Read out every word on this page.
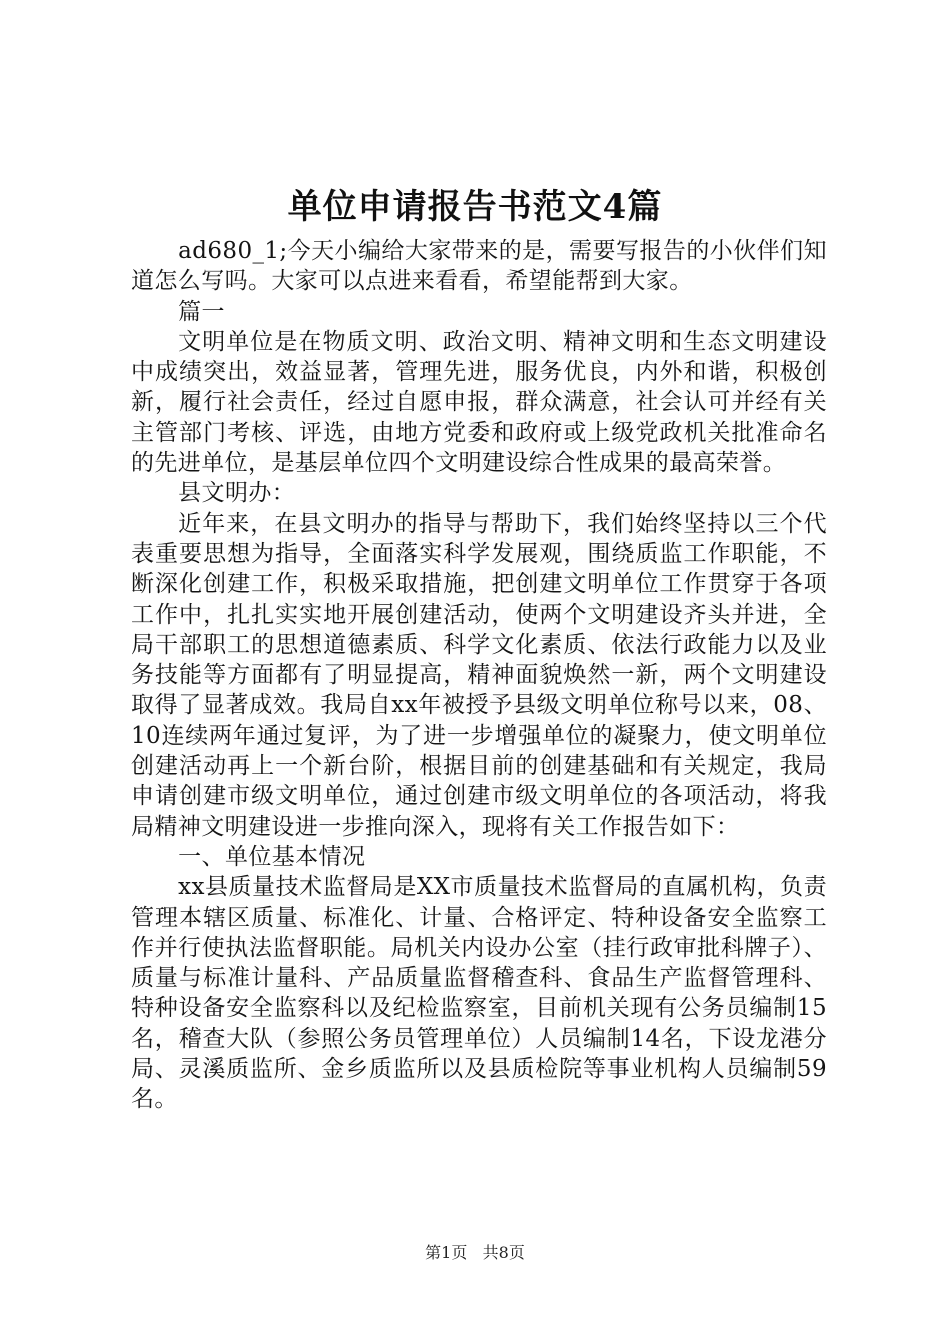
单位申请报告书范文4篇

ad680_1;今天小编给大家带来的是，需要写报告的小伙伴们知道怎么写吗。大家可以点进来看看，希望能帮到大家。

篇一

文明单位是在物质文明、政治文明、精神文明和生态文明建设中成绩突出，效益显著，管理先进，服务优良，内外和谐，积极创新，履行社会责任，经过自愿申报，群众满意，社会认可并经有关主管部门考核、评选，由地方党委和政府或上级党政机关批准命名的先进单位，是基层单位四个文明建设综合性成果的最高荣誉。

县文明办：

近年来，在县文明办的指导与帮助下，我们始终坚持以三个代表重要思想为指导，全面落实科学发展观，围绕质监工作职能，不断深化创建工作，积极采取措施，把创建文明单位工作贯穿于各项工作中，扎扎实实地开展创建活动，使两个文明建设齐头并进，全局干部职工的思想道德素质、科学文化素质、依法行政能力以及业务技能等方面都有了明显提高，精神面貌焕然一新，两个文明建设取得了显著成效。我局自xx年被授予县级文明单位称号以来，08、10连续两年通过复评，为了进一步增强单位的凝聚力，使文明单位创建活动再上一个新台阶，根据目前的创建基础和有关规定，我局申请创建市级文明单位，通过创建市级文明单位的各项活动，将我局精神文明建设进一步推向深入，现将有关工作报告如下：

一、单位基本情况

xx县质量技术监督局是XX市质量技术监督局的直属机构，负责管理本辖区质量、标准化、计量、合格评定、特种设备安全监察工作并行使执法监督职能。局机关内设办公室（挂行政审批科牌子）、质量与标准计量科、产品质量监督稽查科、食品生产监督管理科、特种设备安全监察科以及纪检监察室，目前机关现有公务员编制15名，稽查大队（参照公务员管理单位）人员编制14名，下设龙港分局、灵溪质监所、金乡质监所以及县质检院等事业机构人员编制59名。

第1页 共8页
